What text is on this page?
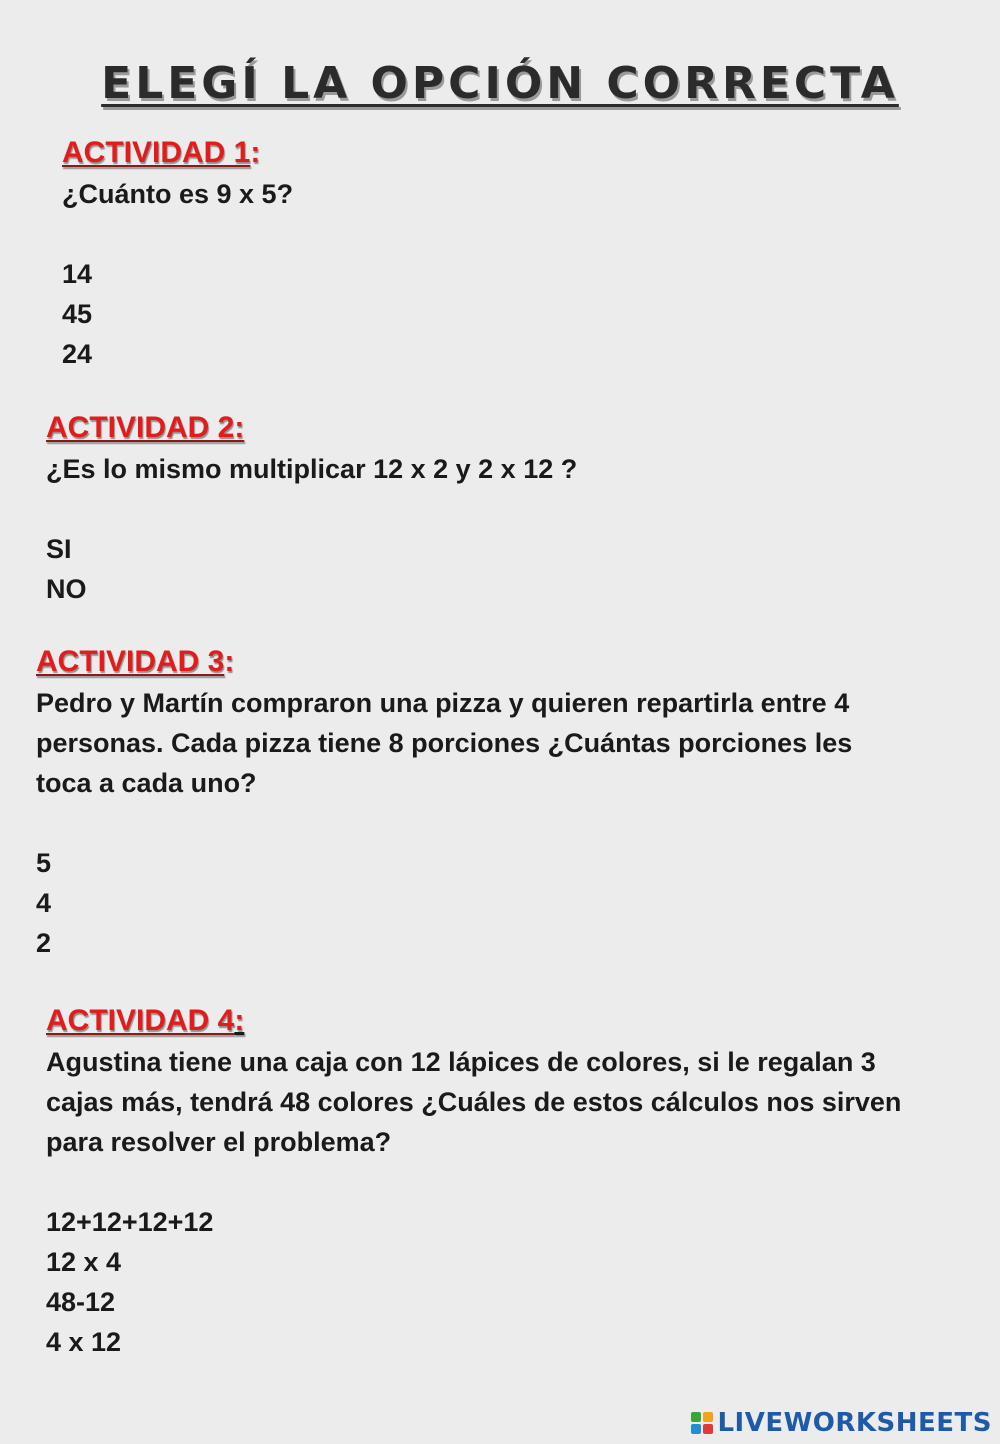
ELEGÍ LA OPCIÓN CORRECTA
ACTIVIDAD 1:
¿Cuánto es 9 x 5?
14
45
24
ACTIVIDAD 2:
¿Es lo mismo multiplicar 12 x 2 y 2 x 12 ?
SI
NO
ACTIVIDAD 3:
Pedro y Martín compraron una pizza y quieren repartirla entre 4
personas. Cada pizza tiene 8 porciones ¿Cuántas porciones les
toca a cada uno?
5
4
2
ACTIVIDAD 4:
Agustina tiene una caja con 12 lápices de colores, si le regalan 3
cajas más, tendrá 48 colores ¿Cuáles de estos cálculos nos sirven
para resolver el problema?
12+12+12+12
12 x 4
48-12
4 x 12
LIVEWORKSHEETS
